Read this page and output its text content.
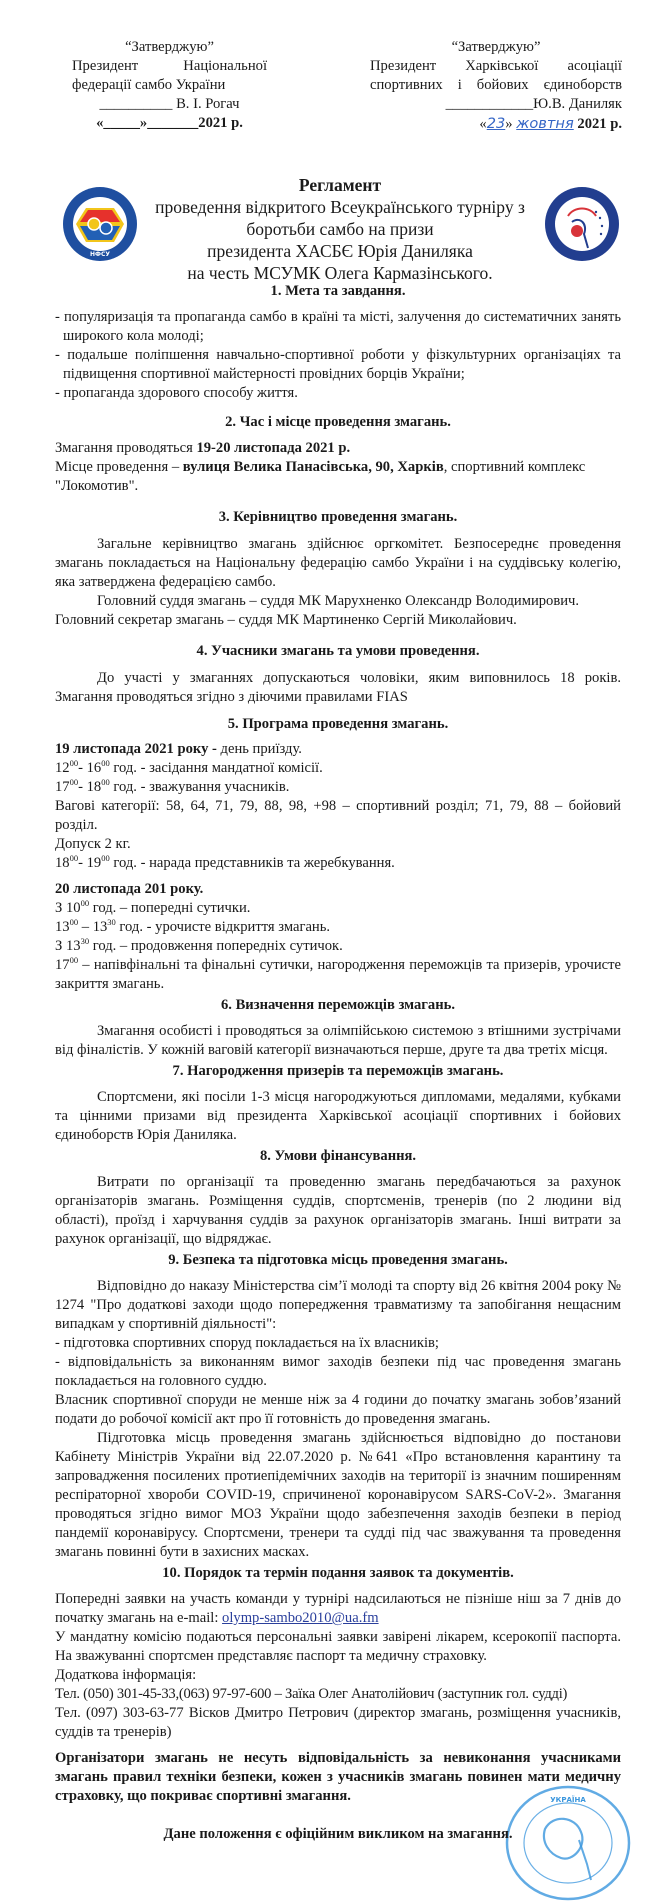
“Затверджую”
Президент Національної
федерації самбо України
__________ В. І. Рогач
«_____»_______2021 р.
“Затверджую”
Президент Харківської асоціації
спортивних і бойових єдиноборств
____________Ю.В. Даниляк
«23» жовтня 2021 р.
НФСУ
Регламент
проведення відкритого Всеукраїнського турніру з
боротьби самбо на призи
президента ХАСБЄ Юрія Даниляка
на честь МСУМК Олега Кармазінського.
1. Мета та завдання.
- популяризація та пропаганда самбо в країні та місті, залучення до систематичних занять широкого кола молоді;
- подальше поліпшення навчально-спортивної роботи у фізкультурних організаціях та підвищення спортивної майстерності провідних борців України;
- пропаганда здорового способу життя.
2. Час і місце проведення змагань.
Змагання проводяться 19-20 листопада 2021 р.
Місце проведення – вулиця Велика Панасівська, 90, Харків, спортивний комплекс "Локомотив".
3. Керівництво проведення змагань.
Загальне керівництво змагань здійснює оргкомітет. Безпосереднє проведення змагань покладається на Національну федерацію самбо України і на суддівську колегію, яка затверджена федерацією самбо.
Головний суддя змагань – суддя МК Марухненко Олександр Володимирович.
Головний секретар змагань – суддя МК Мартиненко Сергій Миколайович.
4. Учасники змагань та умови проведення.
До участі у змаганнях допускаються чоловіки, яким виповнилось 18 років. Змагання проводяться згідно з діючими правилами FIAS
5. Програма проведення змагань.
19 листопада 2021 року - день приїзду.
$12^{00}-$ $16^{00}$ год. - засідання мандатної комісії.
$17^{00}-$ $18^{00}$ год. - зважування учасників.
Вагові категорії: 58, 64, 71, 79, 88, 98, +98 – спортивний розділ; 71, 79, 88 – бойовий розділ.
Допуск 2 кг.
$18^{00}-$ $19^{00}$ год. - нарада представників та жеребкування.
20 листопада 201 року.
З $10^{00}$ год. – попередні сутички.
$13^{00} - 13^{30}$ год. - урочисте відкриття змагань.
З $13^{30}$ год. – продовження попередніх сутичок.
$17^{00}$ – напівфінальні та фінальні сутички, нагородження переможців та призерів, урочисте закриття змагань.
6. Визначення переможців змагань.
Змагання особисті і проводяться за олімпійською системою з втішними зустрічами від фіналістів. У кожній ваговій категорії визначаються перше, друге та два третіх місця.
7. Нагородження призерів та переможців змагань.
Спортсмени, які посіли 1-3 місця нагороджуються дипломами, медалями, кубками та цінними призами від президента Харківської асоціації спортивних і бойових єдиноборств Юрія Даниляка.
8. Умови фінансування.
Витрати по організації та проведенню змагань передбачаються за рахунок організаторів змагань. Розміщення суддів, спортсменів, тренерів (по 2 людини від області), проїзд і харчування суддів за рахунок організаторів змагань. Інші витрати за рахунок організації, що відряджає.
9. Безпека та підготовка місць проведення змагань.
Відповідно до наказу Міністерства сім’ї молоді та спорту від 26 квітня 2004 року № 1274 "Про додаткові заходи щодо попередження травматизму та запобігання нещасним випадкам у спортивній діяльності":
- підготовка спортивних споруд покладається на їх власників;
- відповідальність за виконанням вимог заходів безпеки під час проведення змагань покладається на головного суддю.
Власник спортивної споруди не менше ніж за 4 години до початку змагань зобов’язаний подати до робочої комісії акт про її готовність до проведення змагань.
Підготовка місць проведення змагань здійснюється відповідно до постанови Кабінету Міністрів України від 22.07.2020 р. №641 «Про встановлення карантину та запровадження посилених протиепідемічних заходів на території із значним поширенням респіраторної хвороби COVID-19, спричиненої коронавірусом SARS-CoV-2». Змагання проводяться згідно вимог МОЗ України щодо забезпечення заходів безпеки в період пандемії коронавірусу. Спортсмени, тренери та судді під час зважування та проведення змагань повинні бути в захисних масках.
10. Порядок та термін подання заявок та документів.
Попередні заявки на участь команди у турнірі надсилаються не пізніше ніш за 7 днів до початку змагань на e-mail: olymp-sambo2010@ua.fm
У мандатну комісію подаються персональні заявки завірені лікарем, ксерокопії паспорта. На зважуванні спортсмен представляє паспорт та медичну страховку.
Додаткова інформація:
Тел. (050) 301-45-33,(063) 97-97-600 – Заїка Олег Анатолійович (заступник гол. судді)
Тел. (097) 303-63-77 Вісков Дмитро Петрович (директор змагань, розміщення учасників, суддів та тренерів)
Організатори змагань не несуть відповідальність за невиконання учасниками змагань правил техніки безпеки, кожен з учасників змагань повинен мати медичну страховку, що покриває спортивні змагання.
Дане положення є офіційним викликом на змагання.
УКРАЇНА
